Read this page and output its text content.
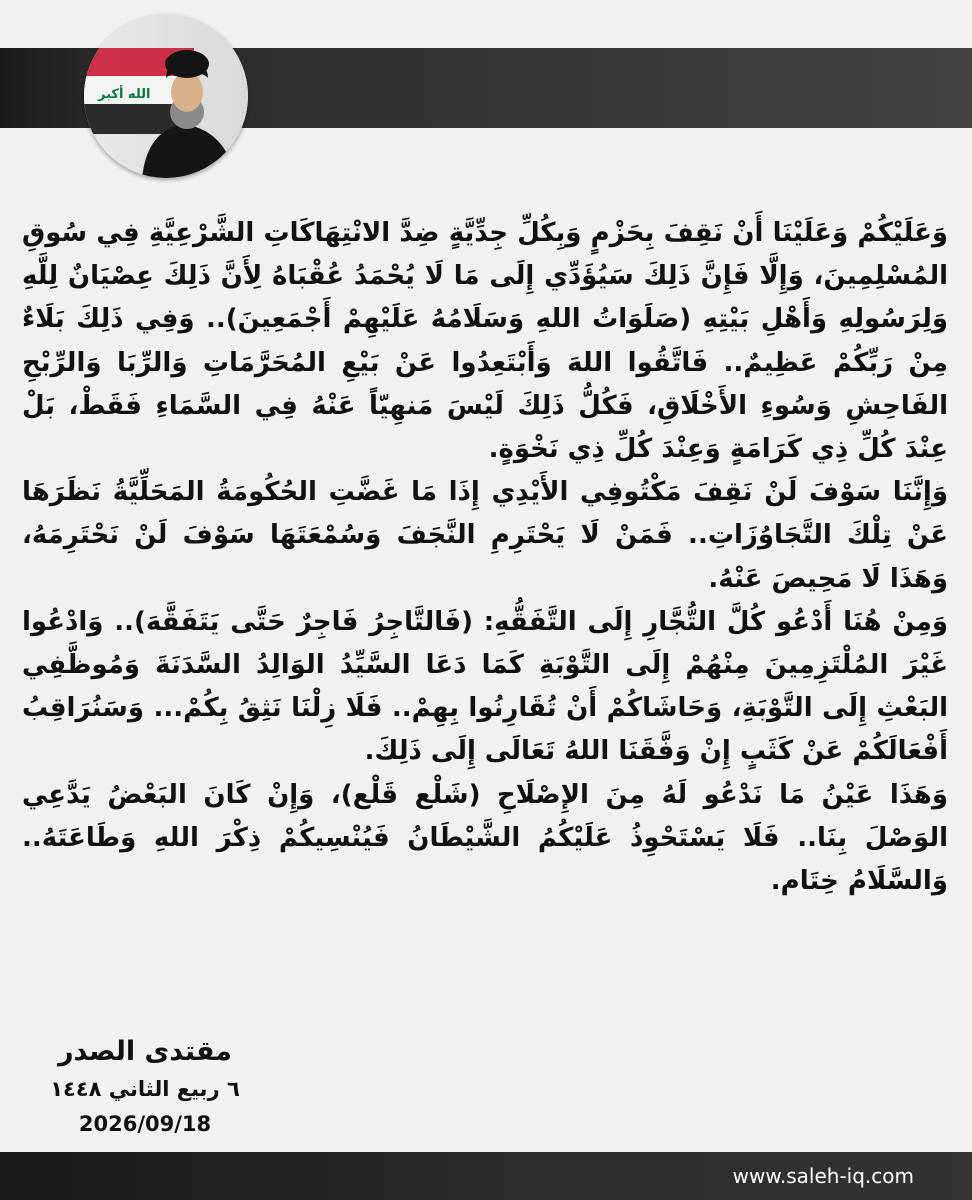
الله أكبر

وَعَلَيْكُمْ وَعَلَيْنَا أَنْ نَقِفَ بِحَزْمٍ وَبِكُلِّ جِدِّيَّةٍ ضِدَّ الانْتِهَاكَاتِ الشَّرْعِيَّةِ فِي سُوقِ المُسْلِمِينَ، وَإِلَّا فَإِنَّ ذَلِكَ سَيُؤَدِّي إِلَى مَا لَا يُحْمَدُ عُقْبَاهُ لِأَنَّ ذَلِكَ عِصْيَانٌ لِلَّهِ وَلِرَسُولِهِ وَأَهْلِ بَيْتِهِ (صَلَوَاتُ اللهِ وَسَلَامُهُ عَلَيْهِمْ أَجْمَعِينَ).. وَفِي ذَلِكَ بَلَاءٌ مِنْ رَبِّكُمْ عَظِيمٌ.. فَاتَّقُوا اللهَ وَأَبْتَعِدُوا عَنْ بَيْعِ المُحَرَّمَاتِ وَالرِّبَا وَالرِّبْحِ الفَاحِشِ وَسُوءِ الأَخْلَاقِ، فَكُلُّ ذَلِكَ لَيْسَ مَنهِيّاً عَنْهُ فِي السَّمَاءِ فَقَطْ، بَلْ عِنْدَ كُلِّ ذِي كَرَامَةٍ وَعِنْدَ كُلِّ ذِي نَخْوَةٍ.

وَإِنَّنَا سَوْفَ لَنْ نَقِفَ مَكْتُوفِي الأَيْدِي إِذَا مَا غَضَّتِ الحُكُومَةُ المَحَلِّيَّةُ نَظَرَهَا عَنْ تِلْكَ التَّجَاوُزَاتِ.. فَمَنْ لَا يَحْتَرِمِ النَّجَفَ وَسُمْعَتَهَا سَوْفَ لَنْ نَحْتَرِمَهُ، وَهَذَا لَا مَحِيصَ عَنْهُ.

وَمِنْ هُنَا أَدْعُو كُلَّ التُّجَّارِ إِلَى التَّفَقُّهِ: (فَالتَّاجِرُ فَاجِرٌ حَتَّى يَتَفَقَّهَ).. وَادْعُوا غَيْرَ المُلْتَزِمِينَ مِنْهُمْ إِلَى التَّوْبَةِ كَمَا دَعَا السَّيِّدُ الوَالِدُ السَّدَنَةَ وَمُوظَّفِي البَعْثِ إِلَى التَّوْبَةِ، وَحَاشَاكُمْ أَنْ تُقَارِنُوا بِهِمْ.. فَلَا زِلْنَا نَثِقُ بِكُمْ... وَسَنُرَاقِبُ أَفْعَالَكُمْ عَنْ كَثَبٍ إِنْ وَفَّقَنَا اللهُ تَعَالَى إِلَى ذَلِكَ.

وَهَذَا عَيْنُ مَا نَدْعُو لَهُ مِنَ الإِصْلَاحِ (شَلْع قَلْع)، وَإِنْ كَانَ البَعْضُ يَدَّعِي الوَصْلَ بِنَا.. فَلَا يَسْتَحْوِذُ عَلَيْكُمُ الشَّيْطَانُ فَيُنْسِيكُمْ ذِكْرَ اللهِ وَطَاعَتَهُ.. وَالسَّلَامُ خِتَام.

مقتدى الصدر
٦ ربيع الثاني ١٤٤٨
2026/09/18
www.saleh-iq.com
